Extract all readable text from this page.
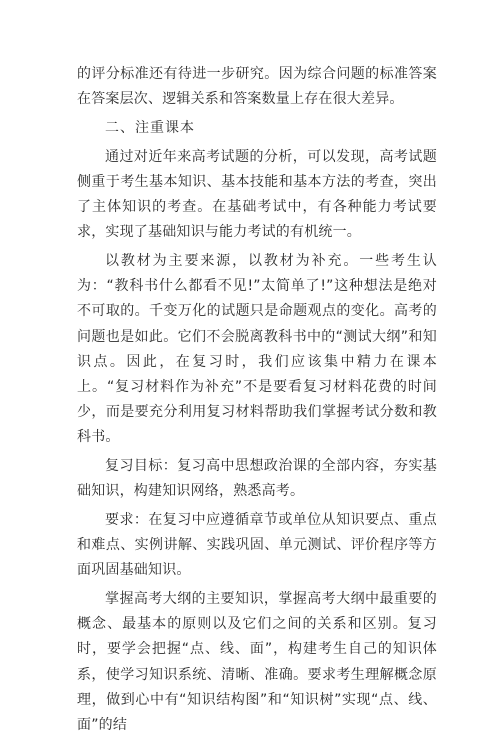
的评分标准还有待进一步研究。因为综合问题的标准答案在答案层次、逻辑关系和答案数量上存在很大差异。

二、注重课本

通过对近年来高考试题的分析，可以发现，高考试题侧重于考生基本知识、基本技能和基本方法的考查，突出了主体知识的考查。在基础考试中，有各种能力考试要求，实现了基础知识与能力考试的有机统一。

以教材为主要来源，以教材为补充。一些考生认为：“教科书什么都看不见!”太简单了!”这种想法是绝对不可取的。千变万化的试题只是命题观点的变化。高考的问题也是如此。它们不会脱离教科书中的“测试大纲”和知识点。因此，在复习时，我们应该集中精力在课本上。“复习材料作为补充”不是要看复习材料花费的时间少，而是要充分利用复习材料帮助我们掌握考试分数和教科书。

复习目标：复习高中思想政治课的全部内容，夯实基础知识，构建知识网络，熟悉高考。

要求：在复习中应遵循章节或单位从知识要点、重点和难点、实例讲解、实践巩固、单元测试、评价程序等方面巩固基础知识。

掌握高考大纲的主要知识，掌握高考大纲中最重要的概念、最基本的原则以及它们之间的关系和区别。复习时，要学会把握“点、线、面”，构建考生自己的知识体系，使学习知识系统、清晰、准确。要求考生理解概念原理，做到心中有“知识结构图”和“知识树”实现“点、线、面”的结
